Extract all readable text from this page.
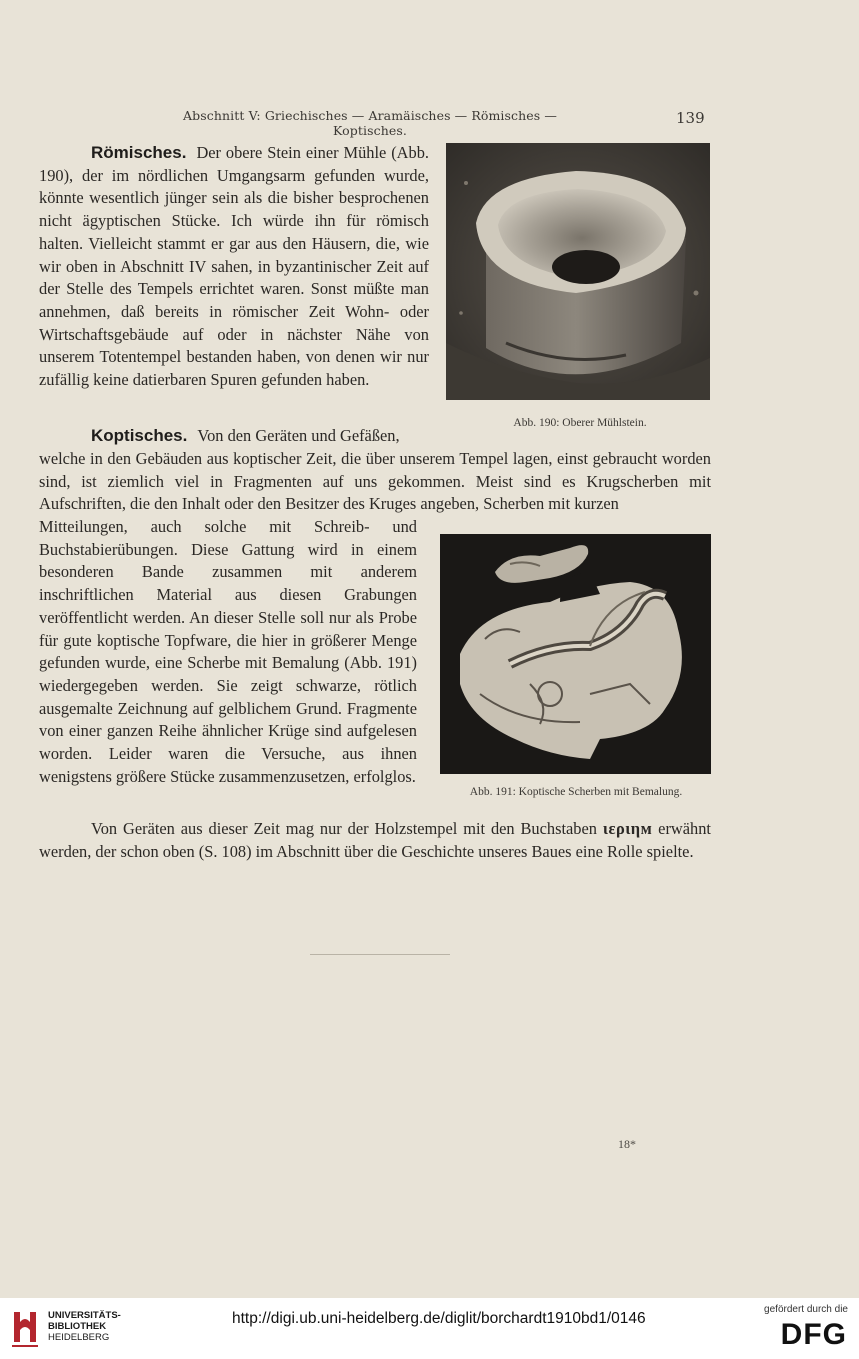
Abschnitt V: Griechisches — Aramäisches — Römisches — Koptisches.
139

Römisches. Der obere Stein einer Mühle (Abb. 190), der im nördlichen Umgangsarm gefunden wurde, könnte wesentlich jünger sein als die bisher besprochenen nicht ägyptischen Stücke. Ich würde ihn für römisch halten. Vielleicht stammt er gar aus den Häusern, die, wie wir oben in Abschnitt IV sahen, in byzantinischer Zeit auf der Stelle des Tempels errichtet waren. Sonst müßte man annehmen, daß bereits in römischer Zeit Wohn- oder Wirtschaftsgebäude auf oder in nächster Nähe von unserem Totentempel bestanden haben, von denen wir nur zufällig keine datierbaren Spuren gefunden haben.

Abb. 190: Oberer Mühlstein.

Koptisches. Von den Geräten und Gefäßen,

welche in den Gebäuden aus koptischer Zeit, die über unserem Tempel lagen, einst gebraucht worden sind, ist ziemlich viel in Fragmenten auf uns gekommen. Meist sind es Krugscherben mit Aufschriften, die den Inhalt oder den Besitzer des Kruges angeben, Scherben mit kurzen

Mitteilungen, auch solche mit Schreib- und Buchstabierübungen. Diese Gattung wird in einem besonderen Bande zusammen mit anderem inschriftlichen Material aus diesen Grabungen veröffentlicht werden. An dieser Stelle soll nur als Probe für gute koptische Topfware, die hier in größerer Menge gefunden wurde, eine Scherbe mit Bemalung (Abb. 191) wiedergegeben werden. Sie zeigt schwarze, rötlich ausgemalte Zeichnung auf gelblichem Grund. Fragmente von einer ganzen Reihe ähnlicher Krüge sind aufgelesen worden. Leider waren die Versuche, aus ihnen wenigstens größere Stücke zusammenzusetzen, erfolglos.

Abb. 191: Koptische Scherben mit Bemalung.

Von Geräten aus dieser Zeit mag nur der Holzstempel mit den Buchstaben ιεριηм erwähnt werden, der schon oben (S. 108) im Abschnitt über die Geschichte unseres Baues eine Rolle spielte.

18*
UNIVERSITÄTS-
BIBLIOTHEK
HEIDELBERG
http://digi.ub.uni-heidelberg.de/diglit/borchardt1910bd1/0146
gefördert durch die
DFG
